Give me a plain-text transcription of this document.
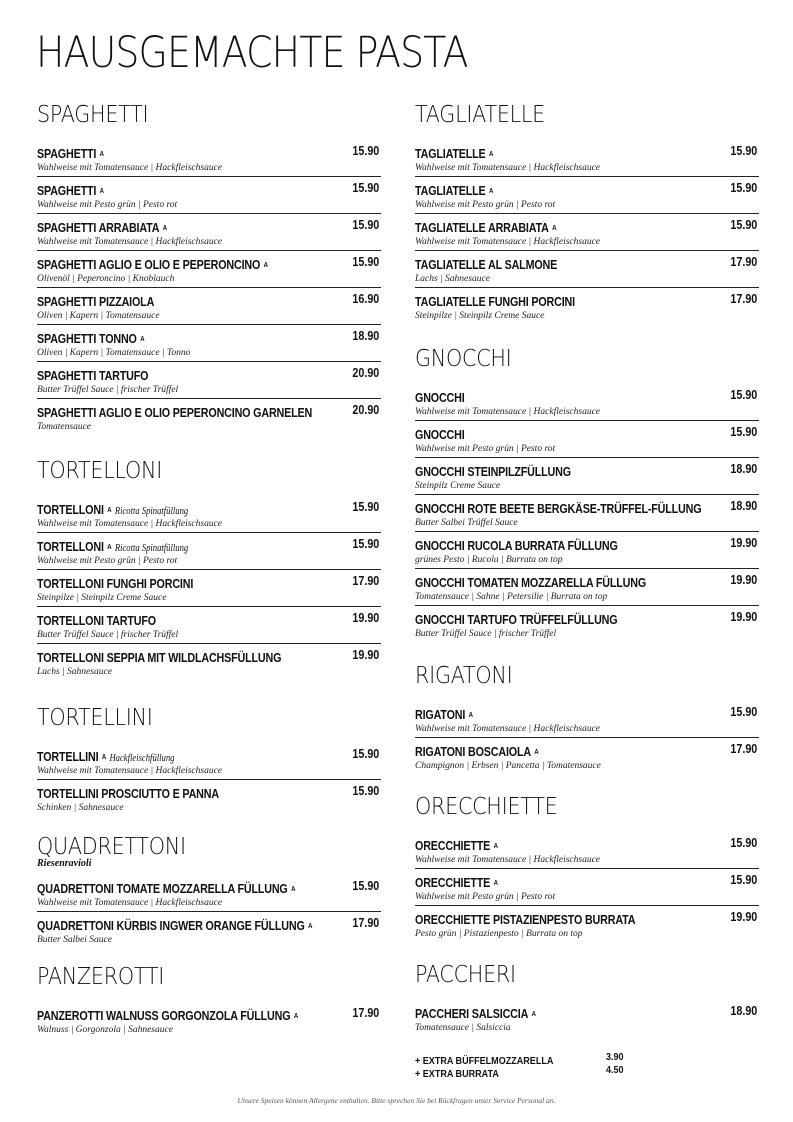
HAUSGEMACHTE PASTA
SPAGHETTI
SPAGHETTI $^A$	15.90
Wahlweise mit Tomatensauce | Hackfleischsauce
SPAGHETTI $^A$	15.90
Wahlweise mit Pesto grün | Pesto rot
SPAGHETTI ARRABIATA $^A$	15.90
Wahlweise mit Tomatensauce | Hackfleischsauce
SPAGHETTI AGLIO E OLIO E PEPERONCINO $^A$	15.90
Olivenöl | Peperoncino | Knoblauch
SPAGHETTI PIZZAIOLA	16.90
Oliven | Kapern | Tomatensauce
SPAGHETTI TONNO $^A$	18.90
Oliven | Kapern | Tomatensauce | Tonno
SPAGHETTI TARTUFO	20.90
Butter Trüffel Sauce | frischer Trüffel
SPAGHETTI AGLIO E OLIO PEPERONCINO GARNELEN	20.90
Tomatensauce
TORTELLONI
TORTELLONI $^A$ Ricotta Spinatfüllung	15.90
Wahlweise mit Tomatensauce | Hackfleischsauce
TORTELLONI $^A$ Ricotta Spinatfüllung	15.90
Wahlweise mit Pesto grün | Pesto rot
TORTELLONI FUNGHI PORCINI	17.90
Steinpilze | Steinpilz Creme Sauce
TORTELLONI TARTUFO	19.90
Butter Trüffel Sauce | frischer Trüffel
TORTELLONI SEPPIA MIT WILDLACHSFÜLLUNG	19.90
Lachs | Sahnesauce
TORTELLINI
TORTELLINI $^A$ Hackfleischfüllung	15.90
Wahlweise mit Tomatensauce | Hackfleischsauce
TORTELLINI PROSCIUTTO E PANNA	15.90
Schinken | Sahnesauce
QUADRETTONI
Riesenravioli
QUADRETTONI TOMATE MOZZARELLA FÜLLUNG $^A$	15.90
Wahlweise mit Tomatensauce | Hackfleischsauce
QUADRETTONI KÜRBIS INGWER ORANGE FÜLLUNG $^A$	17.90
Butter Salbei Sauce
PANZEROTTI
PANZEROTTI WALNUSS GORGONZOLA FÜLLUNG $^A$	17.90
Walnuss | Gorgonzola | Sahnesauce
+ EXTRA BÜFFELMOZZARELLA	3.90
+ EXTRA BURRATA	4.50
TAGLIATELLE
TAGLIATELLE $^A$	15.90
Wahlweise mit Tomatensauce | Hackfleischsauce
TAGLIATELLE $^A$	15.90
Wahlweise mit Pesto grün | Pesto rot
TAGLIATELLE ARRABIATA $^A$	15.90
Wahlweise mit Tomatensauce | Hackfleischsauce
TAGLIATELLE AL SALMONE	17.90
Lachs | Sahnesauce
TAGLIATELLE FUNGHI PORCINI	17.90
Steinpilze | Steinpilz Creme Sauce
GNOCCHI
GNOCCHI	15.90
Wahlweise mit Tomatensauce | Hackfleischsauce
GNOCCHI	15.90
Wahlweise mit Pesto grün | Pesto rot
GNOCCHI STEINPILZFÜLLUNG	18.90
Steinpilz Creme Sauce
GNOCCHI ROTE BEETE BERGKÄSE-TRÜFFEL-FÜLLUNG 18.90
Butter Salbei Trüffel Sauce
GNOCCHI RUCOLA BURRATA FÜLLUNG	19.90
grünes Pesto | Rucola | Burrata on top
GNOCCHI TOMATEN MOZZARELLA FÜLLUNG	19.90
Tomatensauce | Sahne | Petersilie | Burrata on top
GNOCCHI TARTUFO TRÜFFELFÜLLUNG	19.90
Butter Trüffel Sauce | frischer Trüffel
RIGATONI
RIGATONI $^A$	15.90
Wahlweise mit Tomatensauce | Hackfleischsauce
RIGATONI BOSCAIOLA $^A$	17.90
Champignon | Erbsen | Pancetta | Tomatensauce
ORECCHIETTE
ORECCHIETTE $^A$	15.90
Wahlweise mit Tomatensauce | Hackfleischsauce
ORECCHIETTE $^A$	15.90
Wahlweise mit Pesto grün | Pesto rot
ORECCHIETTE PISTAZIENPESTO BURRATA	19.90
Pesto grün | Pistazienpesto | Burrata on top
PACCHERI
PACCHERI SALSICCIA $^A$	18.90
Tomatensauce | Salsiccia
Unsere Speisen können Allergene enthalten. Bitte sprechen Sie bei Rückfragen unser Service Personal an.
